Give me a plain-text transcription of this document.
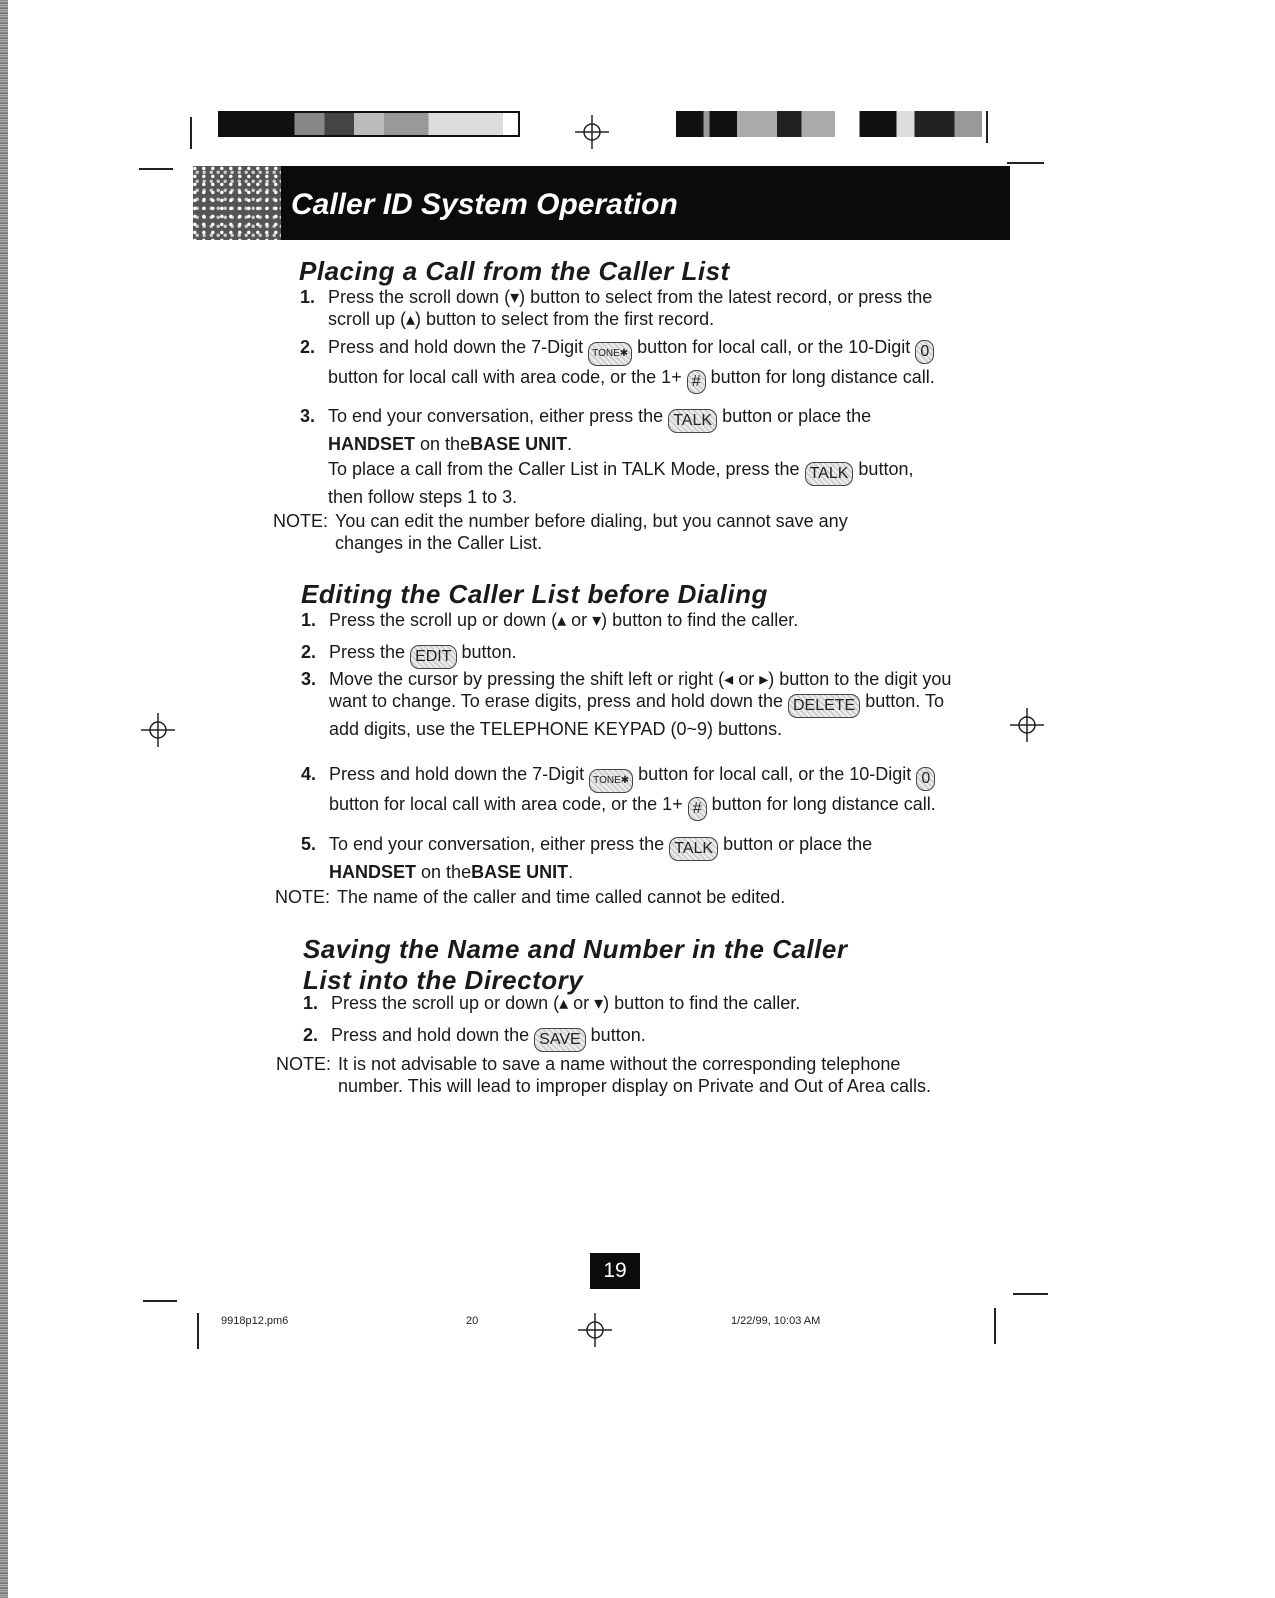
Caller ID System Operation
Placing a Call from the Caller List
1. Press the scroll down (▾) button to select from the latest record, or press the scroll up (▴) button to select from the first record.
2. Press and hold down the 7-Digit TONE✱ button for local call, or the 10-Digit 0 button for local call with area code, or the 1+ # button for long distance call.
3. To end your conversation, either press the TALK button or place the HANDSET on theBASE UNIT.
To place a call from the Caller List in TALK Mode, press the TALK button, then follow steps 1 to 3.
NOTE: You can edit the number before dialing, but you cannot save any changes in the Caller List.
Editing the Caller List before Dialing
1. Press the scroll up or down (▴ or ▾) button to find the caller.
2. Press the EDIT button.
3. Move the cursor by pressing the shift left or right (◂ or ▸) button to the digit you want to change. To erase digits, press and hold down the DELETE button. To add digits, use the TELEPHONE KEYPAD (0~9) buttons.
4. Press and hold down the 7-Digit TONE✱ button for local call, or the 10-Digit 0 button for local call with area code, or the 1+ # button for long distance call.
5. To end your conversation, either press the TALK button or place the HANDSET on theBASE UNIT.
NOTE: The name of the caller and time called cannot be edited.
Saving the Name and Number in the Caller List into the Directory
1. Press the scroll up or down (▴ or ▾) button to find the caller.
2. Press and hold down the SAVE button.
NOTE: It is not advisable to save a name without the corresponding telephone number. This will lead to improper display on Private and Out of Area calls.
19
9918p12.pm6	20	1/22/99, 10:03 AM
